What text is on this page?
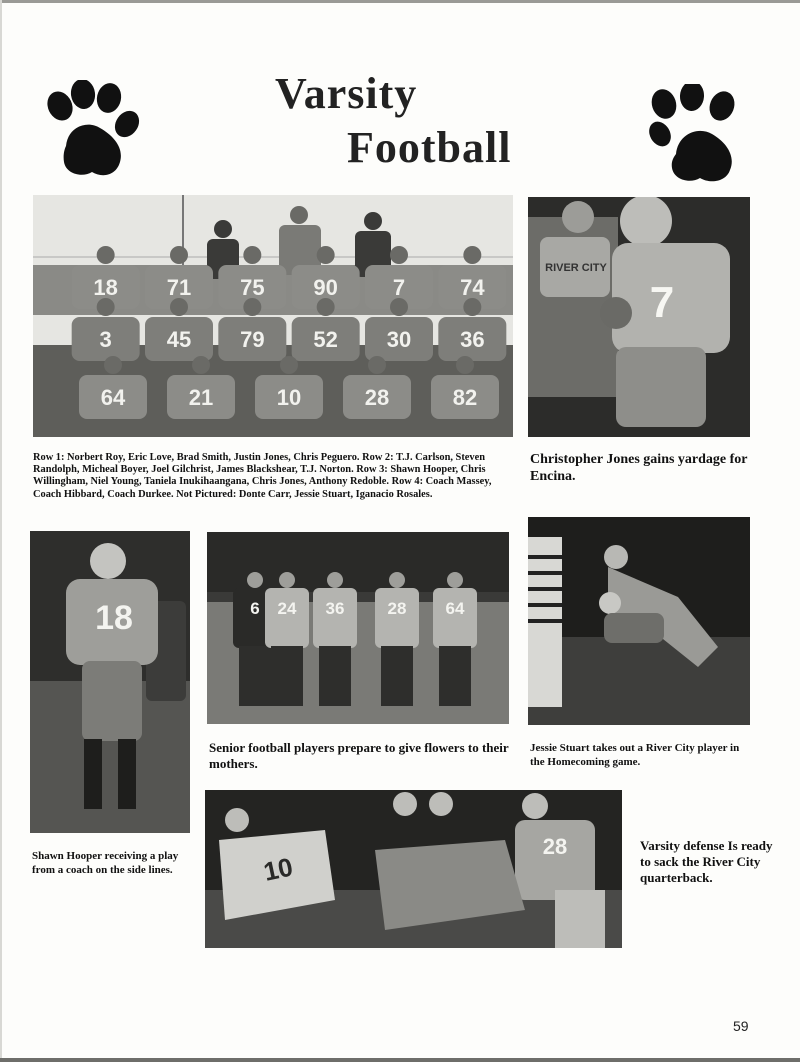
Varsity
Football
18 71 75 90 7 74
3 45 79 52 30 36
64	21	10	28	82
Row 1: Norbert Roy, Eric Love, Brad Smith, Justin Jones, Chris Peguero. Row 2: T.J. Carlson, Steven Randolph, Micheal Boyer, Joel Gilchrist, James Blackshear, T.J. Norton. Row 3: Shawn Hooper, Chris Willingham, Niel Young, Taniela Inukihaangana, Chris Jones, Anthony Redoble. Row 4: Coach Massey, Coach Hibbard, Coach Durkee. Not Pictured: Donte Carr, Jessie Stuart, Iganacio Rosales.
RIVER CITY
7
Christopher Jones gains yardage for Encina.
18
Shawn Hooper receiving a play from a coach on the side lines.
6 24 36	28 64
Senior football players prepare to give flowers to their mothers.
Jessie Stuart takes out a River City player in the Homecoming game.
10
28	Varsity defense Is ready to sack the River City quarterback.
59
